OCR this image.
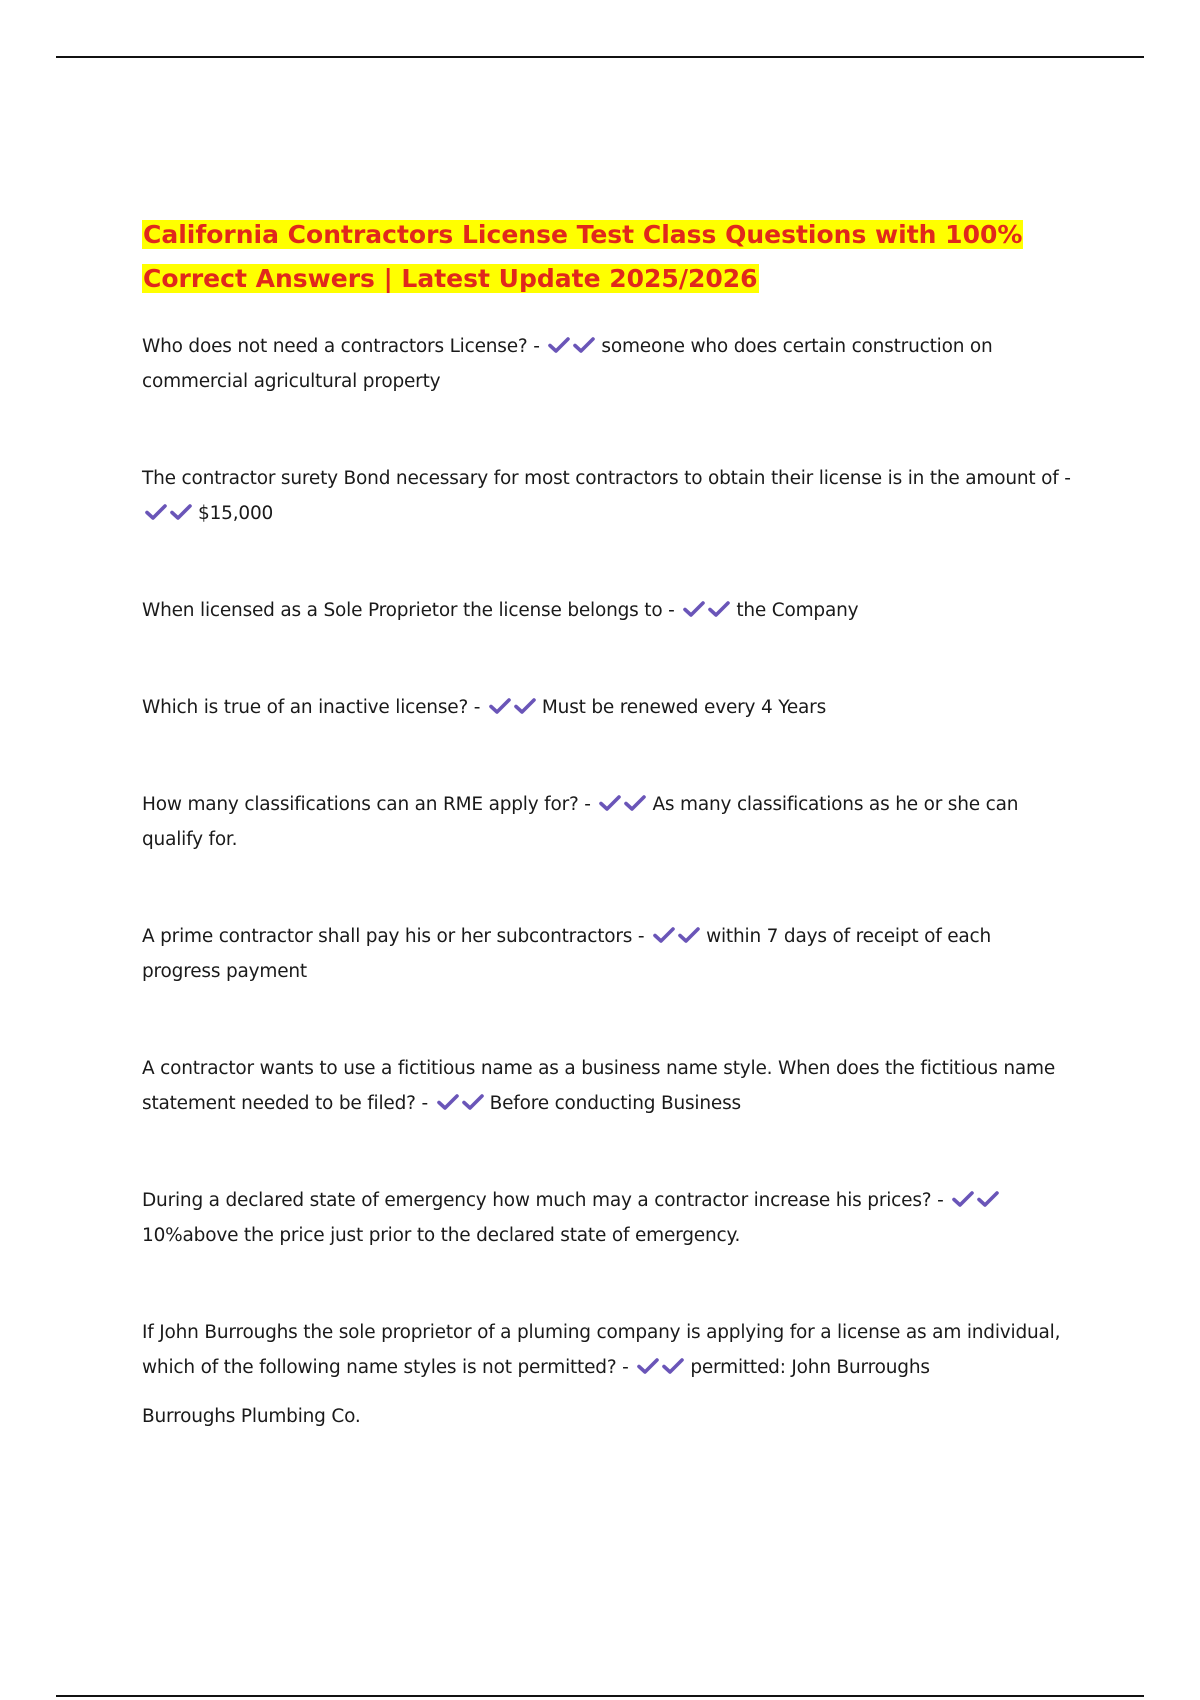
California Contractors License Test Class Questions with 100% Correct Answers | Latest Update 2025/2026
Who does not need a contractors License? -	someone who does certain construction on commercial agricultural property
The contractor surety Bond necessary for most contractors to obtain their license is in the amount of -
$15,000
When licensed as a Sole Proprietor the license belongs to -	the Company
Which is true of an inactive license? -	Must be renewed every 4 Years
How many classifications can an RME apply for? -	As many classifications as he or she can qualify for.
A prime contractor shall pay his or her subcontractors -	within 7 days of receipt of each progress payment
A contractor wants to use a fictitious name as a business name style. When does the fictitious name statement needed to be filed? -	Before conducting Business
During a declared state of emergency how much may a contractor increase his prices? -
10%above the price just prior to the declared state of emergency.
If John Burroughs the sole proprietor of a pluming company is applying for a license as am individual, which of the following name styles is not permitted? -	permitted: John Burroughs
Burroughs Plumbing Co.
